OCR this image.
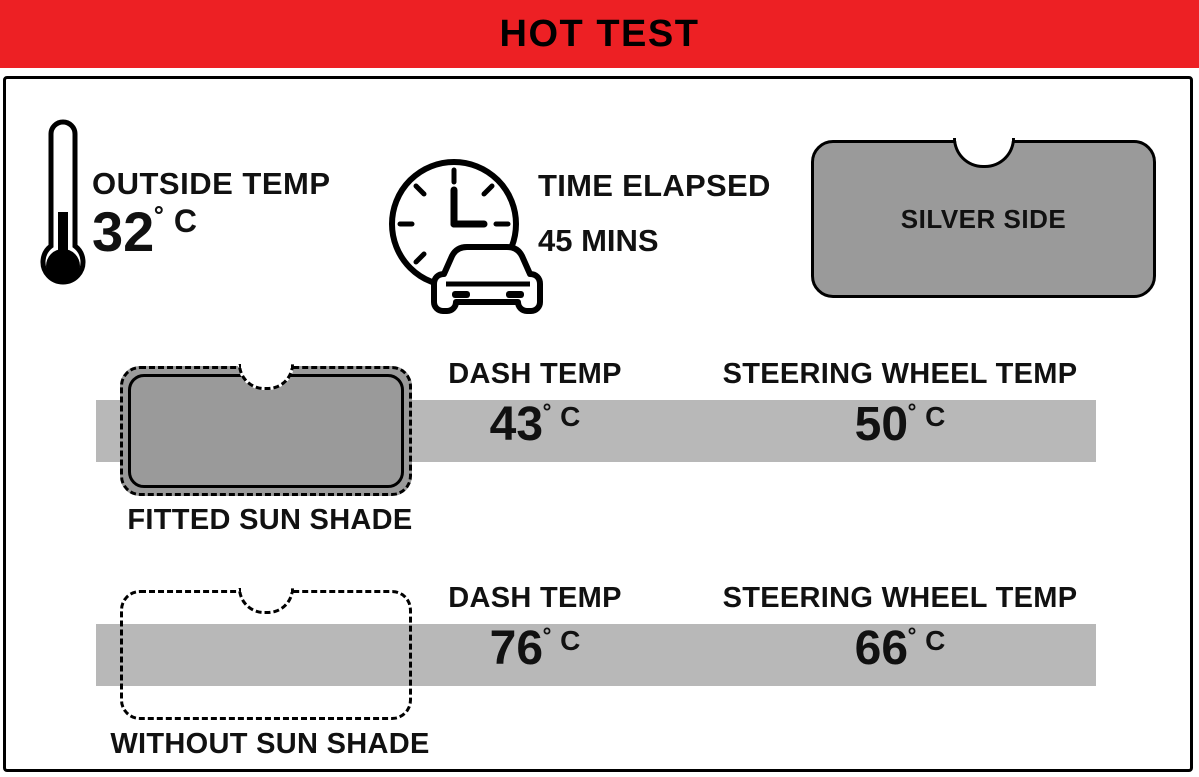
HOT TEST
OUTSIDE TEMP
$32^{˚ C}$
TIME ELAPSED
45 MINS
SILVER SIDE
FITTED SUN SHADE
DASH TEMP
$43^{˚ C}$
STEERING WHEEL TEMP
$50^{˚ C}$
WITHOUT SUN SHADE
DASH TEMP
$76^{˚ C}$
STEERING WHEEL TEMP
$66^{˚ C}$
